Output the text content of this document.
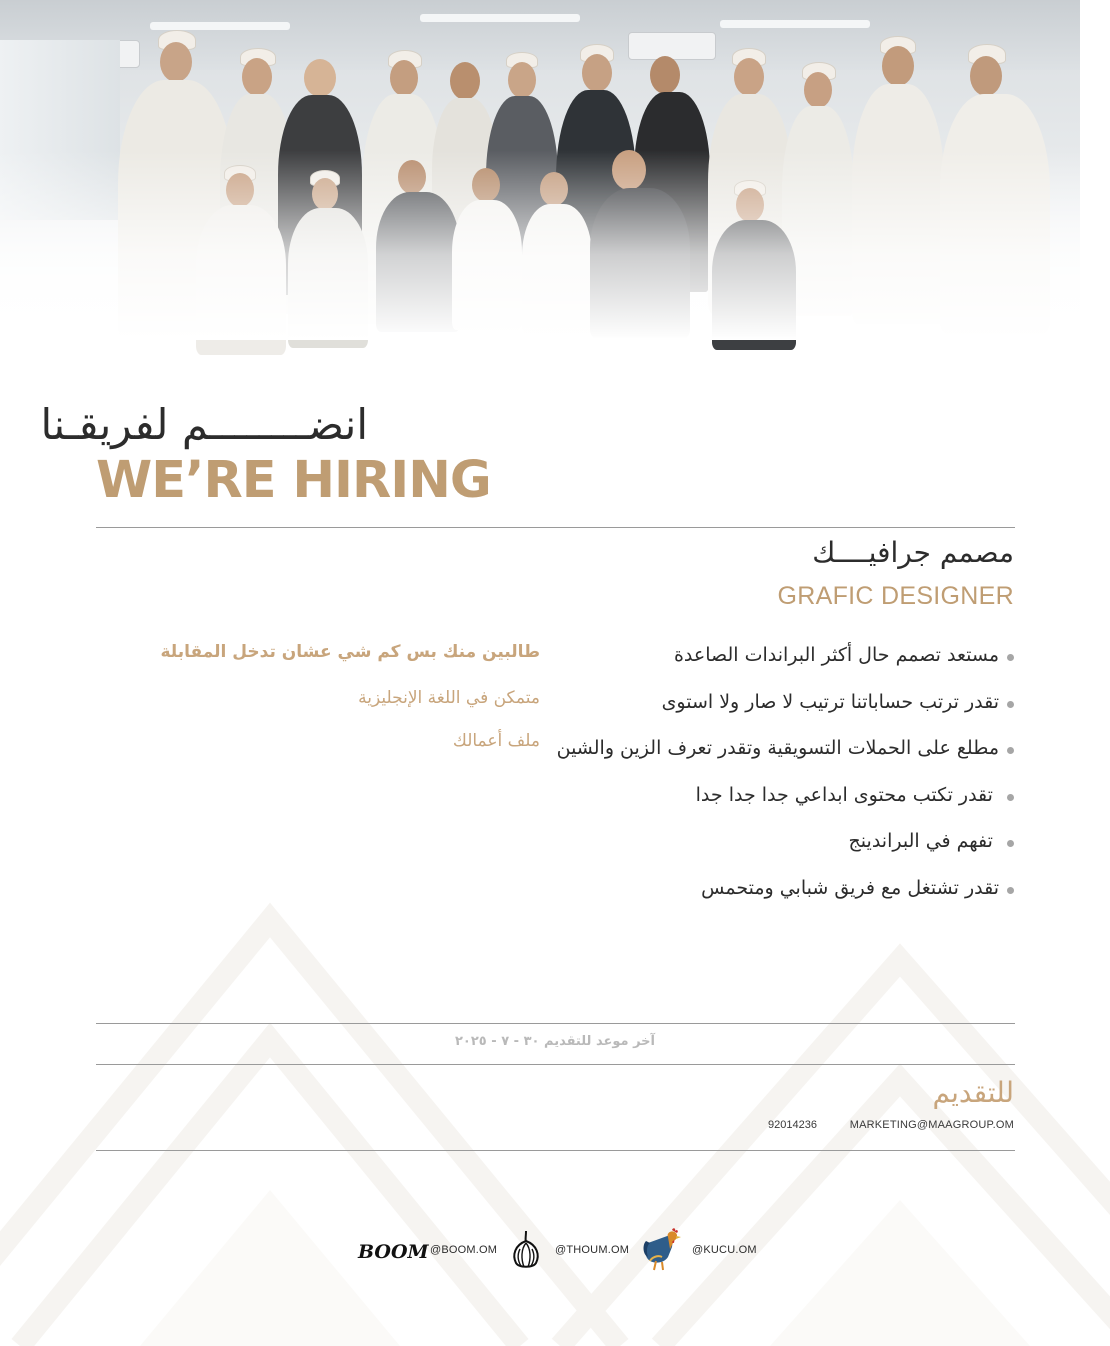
انضــــــــم لفريقـنا
WE’RE HIRING
مصمم جرافيــــك
GRAFIC DESIGNER
مستعد تصمم حال أكثر البراندات الصاعدة
تقدر ترتب حساباتنا ترتيب لا صار ولا استوى
مطلع على الحملات التسويقية وتقدر تعرف الزين والشين
تقدر تكتب محتوى ابداعي جدا جدا جدا
تفهم في البراندينج
تقدر تشتغل مع فريق شبابي ومتحمس
طالبين منك بس كم شي عشان تدخل المقابلة
متمكن في اللغة الإنجليزية
ملف أعمالك
آخر موعد للتقديم ٣٠ - ٧ - ٢٠٢٥
للتقديم
MARKETING@MAAGROUP.OM
92014236
BOOM @BOOM.OM	@THOUM.OM	@KUCU.OM
